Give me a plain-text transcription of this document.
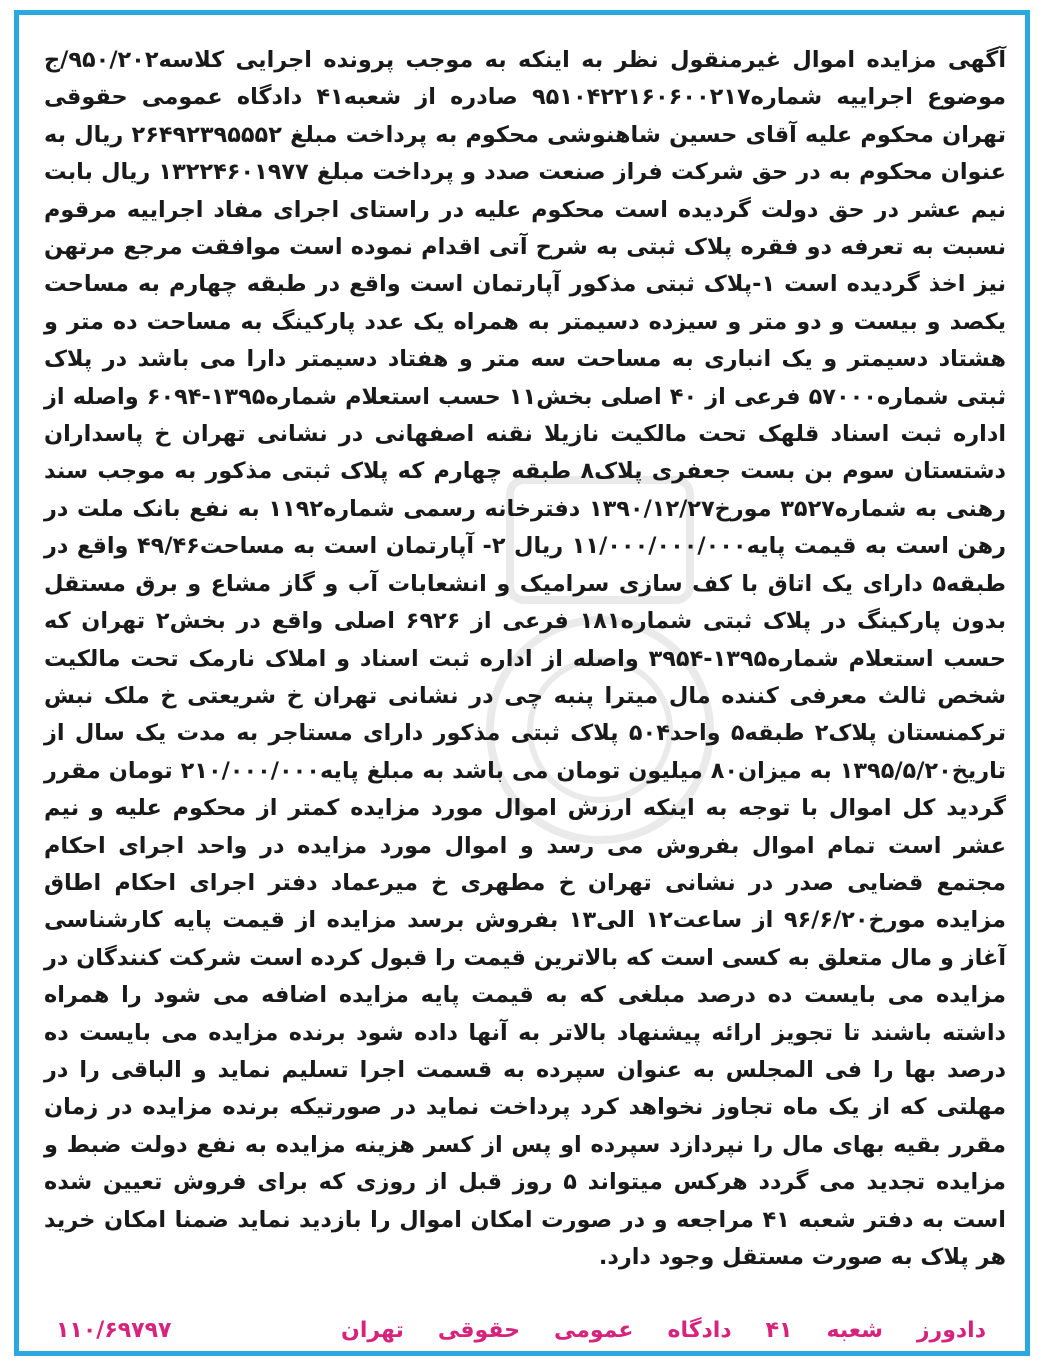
آگهی مزایده اموال غیرمنقول نظر به اینکه به موجب پرونده اجرایی کلاسه۹۵۰/۲۰۲/ج موضوع اجراییه شماره۹۵۱۰۴۲۲۱۶۰۶۰۰۲۱۷ صادره از شعبه۴۱ دادگاه عمومی حقوقی تهران محکوم علیه آقای حسین شاهنوشی محکوم به پرداخت مبلغ ۲۶۴۹۲۳۹۵۵۵۲ ریال به عنوان محکوم به در حق شرکت فراز صنعت صدد و پرداخت مبلغ ۱۳۲۲۴۶۰۱۹۷۷ ریال بابت نیم عشر در حق دولت گردیده است محکوم علیه در راستای اجرای مفاد اجراییه مرقوم نسبت به تعرفه دو فقره پلاک ثبتی به شرح آتی اقدام نموده است موافقت مرجع مرتهن نیز اخذ گردیده است ۱-پلاک ثبتی مذکور آپارتمان است واقع در طبقه چهارم به مساحت یکصد و بیست و دو متر و سیزده دسیمتر به همراه یک عدد پارکینگ به مساحت ده متر و هشتاد دسیمتر و یک انباری به مساحت سه متر و هفتاد دسیمتر دارا می باشد در پلاک ثبتی شماره۵۷۰۰۰ فرعی از ۴۰ اصلی بخش۱۱ حسب استعلام شماره۱۳۹۵-۶۰۹۴ واصله از اداره ثبت اسناد قلهک تحت مالکیت نازیلا نقنه اصفهانی در نشانی تهران خ پاسداران دشتستان سوم بن بست جعفری پلاک۸ طبقه چهارم که پلاک ثبتی مذکور به موجب سند رهنی به شماره۳۵۲۷ مورخ۱۳۹۰/۱۲/۲۷ دفترخانه رسمی شماره۱۱۹۲ به نفع بانک ملت در رهن است به قیمت پایه۱۱/۰۰۰/۰۰۰/۰۰۰ ریال ۲- آپارتمان است به مساحت۴۹/۴۶ واقع در طبقه۵ دارای یک اتاق با کف سازی سرامیک و انشعابات آب و گاز مشاع و برق مستقل بدون پارکینگ در پلاک ثبتی شماره۱۸۱ فرعی از ۶۹۲۶ اصلی واقع در بخش۲ تهران که حسب استعلام شماره۱۳۹۵-۳۹۵۴ واصله از اداره ثبت اسناد و املاک نارمک تحت مالکیت شخص ثالث معرفی کننده مال میترا پنبه چی در نشانی تهران خ شریعتی خ ملک نبش ترکمنستان پلاک۲ طبقه۵ واحد۵۰۴ پلاک ثبتی مذکور دارای مستاجر به مدت یک سال از تاریخ۱۳۹۵/۵/۲۰ به میزان۸۰ میلیون تومان می باشد به مبلغ پایه۲۱۰/۰۰۰/۰۰۰ تومان مقرر گردید کل اموال با توجه به اینکه ارزش اموال مورد مزایده کمتر از محکوم علیه و نیم عشر است تمام اموال بفروش می رسد و اموال مورد مزایده در واحد اجرای احکام مجتمع قضایی صدر در نشانی تهران خ مطهری خ میرعماد دفتر اجرای احکام اطاق مزایده مورخ۹۶/۶/۲۰ از ساعت۱۲ الی۱۳ بفروش برسد مزایده از قیمت پایه کارشناسی آغاز و مال متعلق به کسی است که بالاترین قیمت را قبول کرده است شرکت کنندگان در مزایده می بایست ده درصد مبلغی که به قیمت پایه مزایده اضافه می شود را همراه داشته باشند تا تجویز ارائه پیشنهاد بالاتر به آنها داده شود برنده مزایده می بایست ده درصد بها را فی المجلس به عنوان سپرده به قسمت اجرا تسلیم نماید و الباقی را در مهلتی که از یک ماه تجاوز نخواهد کرد پرداخت نماید در صورتیکه برنده مزایده در زمان مقرر بقیه بهای مال را نپردازد سپرده او پس از کسر هزینه مزایده به نفع دولت ضبط و مزایده تجدید می گردد هرکس میتواند ۵ روز قبل از روزی که برای فروش تعیین شده است به دفتر شعبه ۴۱ مراجعه و در صورت امکان اموال را بازدید نماید ضمنا امکان خرید هر پلاک به صورت مستقل وجود دارد.
دادورزشعبه۴۱دادگاهعمومیحقوقیتهران
۱۱۰/۶۹۷۹۷
